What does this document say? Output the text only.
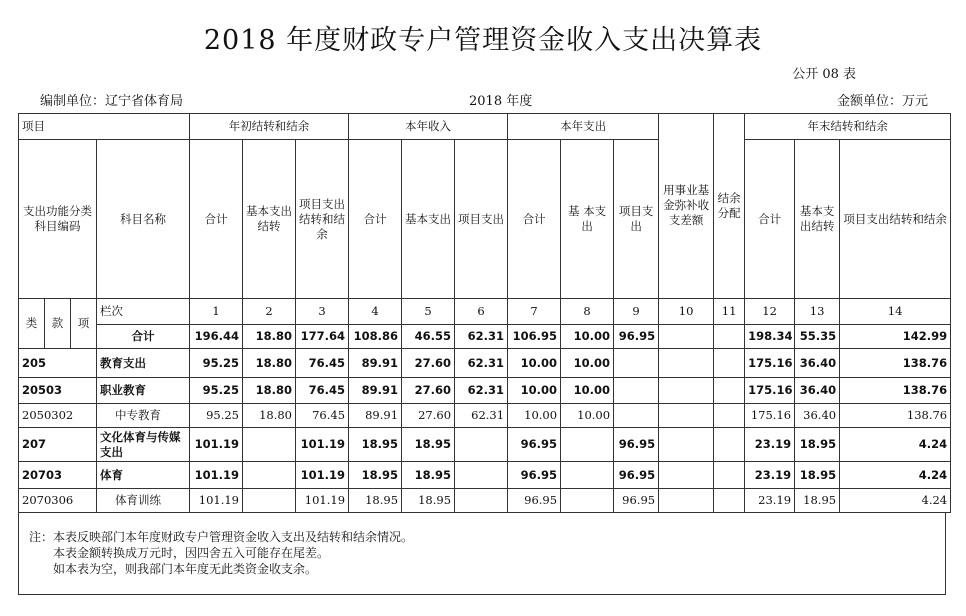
2018 年度财政专户管理资金收入支出决算表
公开 08 表
编制单位：辽宁省体育局	2018 年度	金额单位：万元
项目				年初结转和结余			本年收入			本年支出			用事业基金弥补收支差额	结余分配	年末结转和结余		
支出功能分类科目编码			科目名称	合计	基本支出结转	项目支出结转和结余	合计	基本支出	项目支出	合计	基 本支 出	项目支出			合计	基本支出结转	项目支出结转和结余
类	款	项	栏次	1	2	3	4	5	6	7	8	9	10	11	12	13	14
			合计	196.44	18.80	177.64	108.86	46.55	62.31	106.95	10.00	96.95			198.34	55.35	142.99
205			教育支出	95.25	18.80	76.45	89.91	27.60	62.31	10.00	10.00				175.16	36.40	138.76
20503			职业教育	95.25	18.80	76.45	89.91	27.60	62.31	10.00	10.00				175.16	36.40	138.76
2050302			中专教育	95.25	18.80	76.45	89.91	27.60	62.31	10.00	10.00				175.16	36.40	138.76
207			文化体育与传媒支出	101.19		101.19	18.95	18.95		96.95		96.95			23.19	18.95	4.24
20703			体育	101.19		101.19	18.95	18.95		96.95		96.95			23.19	18.95	4.24
2070306			体育训练	101.19		101.19	18.95	18.95		96.95		96.95			23.19	18.95	4.24
注：本表反映部门本年度财政专户管理资金收入支出及结转和结余情况。
本表金额转换成万元时，因四舍五入可能存在尾差。
如本表为空，则我部门本年度无此类资金收支余。
